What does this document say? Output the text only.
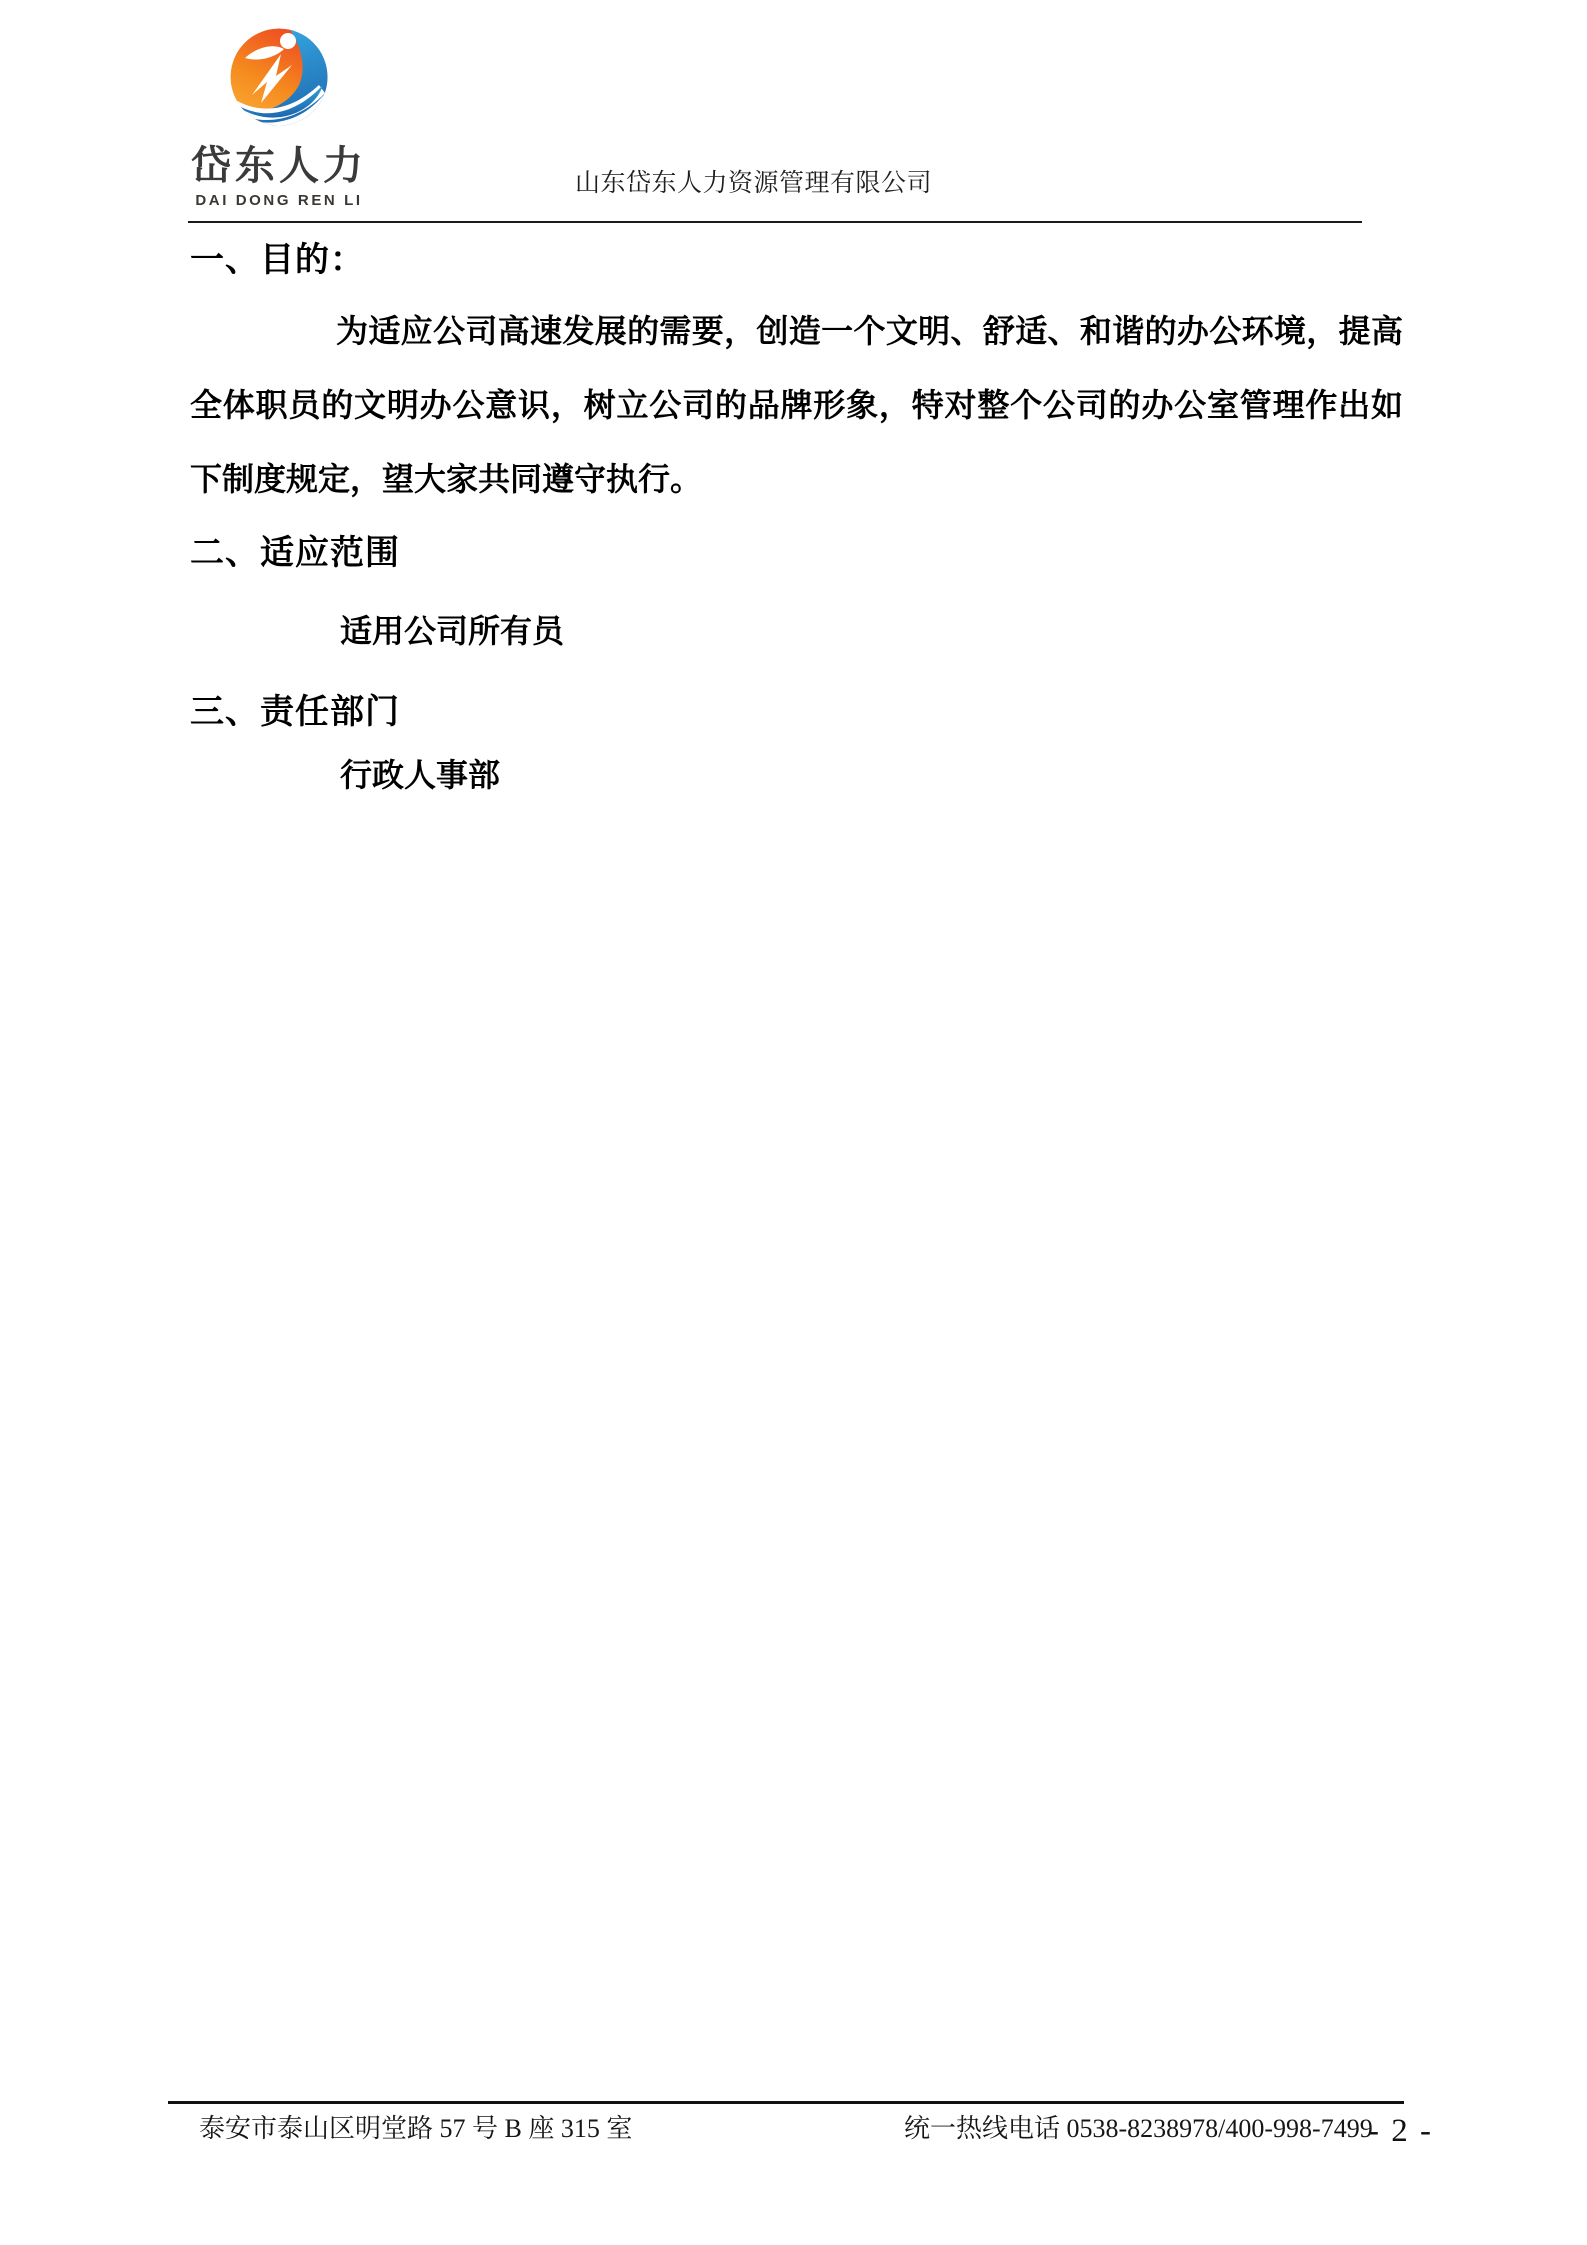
岱东人力
DAI DONG REN LI
山东岱东人力资源管理有限公司
一、目的：
为适应公司高速发展的需要，创造一个文明、舒适、和谐的办公环境，提高
全体职员的文明办公意识，树立公司的品牌形象，特对整个公司的办公室管理作出如
下制度规定，望大家共同遵守执行。
二、适应范围
适用公司所有员
三、责任部门
行政人事部
泰安市泰山区明堂路 57 号 B 座 315 室	统一热线电话 0538-8238978/400-998-7499
- 2 -
